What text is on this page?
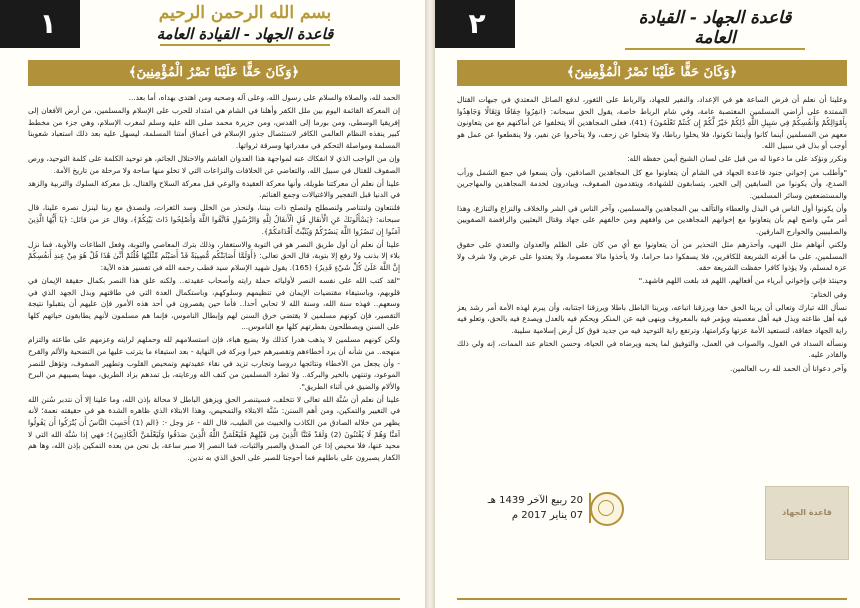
١	بسم الله الرحمن الرحيم
قاعدة الجهاد - القيادة العامة
﴿وَكَانَ حَقًّا عَلَيْنَا نَصْرُ الْمُؤْمِنِينَ﴾

الحمد لله، والصلاة والسلام على رسول الله، وعلى آله وصحبه ومن اهتدى بهداه، أما بعد...

إن المعركة القائمة اليوم بين ملل الكفر وأهلنا في الشام هي امتداد للحرب على الإسلام والمسلمين، من أرض الأفغان إلى إفريقيا الوسطى، ومن بورما إلى القدس، ومن جزيرة محمد صلى الله عليه وسلم لمغرب الإسلام، وهي جزء من مخطط كبير ينفذه النظام العالمي الكافر لاستئصال جذور الإسلام في أعماق أمتنا المسلمة، ليسهل عليه بعد ذلك استعباد شعوبنا المسلمة ومواصلة التحكم في مقدراتها وسرقة ثرواتها.

وإن من الواجب الذي لا انفكاك عنه لمواجهة هذا العدوان الغاشم والاحتلال الجاثم، هو توحيد الكلمة على كلمة التوحيد، ورص الصفوف للقتال في سبيل الله، والتعاضي عن الخلافات والنزاعات التي لا تخلو منها ساحة ولا مرحلة من تاريخ الأمة.

علينا أن نعلم أن معركتنا طويلة، وأنها معركة العقيدة والوعي قبل معركة السلاح والقتال، بل معركة السلوك والتربية والزهد في الدنيا قبل التفجير والاغتيالات وجمع الغنائم.

فلنتعاون ولنتناصر ولنصطلح ولنصلح ذات بيننا، ولنحذر من الخلل وسد الثغرات، ولنصدق مع ربنا لينزل نصره علينا، قال سبحانه: ﴿يَسْأَلُونَكَ عَنِ الْأَنفَالِ قُلِ الْأَنفَالُ لِلَّهِ وَالرَّسُولِ فَاتَّقُوا اللَّهَ وَأَصْلِحُوا ذَاتَ بَيْنِكُمْ﴾، وقال عز من قائل: ﴿يَا أَيُّهَا الَّذِينَ آمَنُوا إِن تَنصُرُوا اللَّهَ يَنصُرْكُمْ وَيُثَبِّتْ أَقْدَامَكُمْ﴾.

علينا أن نعلم أن أول طريق النصر هو في التوبة والاستغفار، وذلك بترك المعاصي والتوبة، وفعل الطاعات والأوبة، فما نزل بلاء إلا بذنب ولا رفع إلا بتوبة، قال الحق تعالى: ﴿أَوَلَمَّا أَصَابَتْكُم مُّصِيبَةٌ قَدْ أَصَبْتُم مِّثْلَيْهَا قُلْتُمْ أَنَّىٰ هَٰذَا قُلْ هُوَ مِنْ عِندِ أَنفُسِكُمْ إِنَّ اللَّهَ عَلَىٰ كُلِّ شَيْءٍ قَدِيرٌ﴾ (165). يقول شهيد الإسلام سيد قطب رحمه الله في تفسير هذه الآية:

"لقد كتب الله على نفسه النصر لأوليائه حملة رايته وأصحاب عقيدته.. ولكنه علق هذا النصر بكمال حقيقة الإيمان في قلوبهم، وباستيفاء مقتضيات الإيمان في تنظيمهم وسلوكهم، وباستكمال العدة التي في طاقتهم وبذل الجهد الذي في وسعهم.. فهذه سنة الله، وسنة الله لا تحابي أحدا.. فأما حين يقصرون في أحد هذه الأمور فإن عليهم أن يتقبلوا نتيجة التقصير، فإن كونهم مسلمين لا يقتضي خرق السنن لهم وإبطال الناموس، فإنما هم مسلمون لأنهم يطابقون حياتهم كلها على السنن ويصطلحون بفطرتهم كلها مع الناموس...

ولكن كونهم مسلمين لا يذهب هدرا كذلك ولا يضيع هباء، فإن استسلامهم لله وحملهم لرايته وعزمهم على طاعته والتزام منهجه.. من شأنه أن يرد أخطاءهم وتقصيرهم خيرا وبركة في النهاية - بعد استيفاء ما يترتب عليها من التضحية والألم والقرح - وأن يجعل من الأخطاء ونتائجها دروسا وتجارب تزيد في نقاء عقيدتهم وتمحيص القلوب وتطهير الصفوف، وتؤهل للنصر الموعود، وتنتهي بالخير والبركة.. ولا تطرد المسلمين من كنف الله ورعايته، بل تمدهم بزاد الطريق، مهما يصيبهم من البرح والألام والضيق في أثناء الطريق".

علينا أن نعلم أن سُنَّة الله تعالى لا تتخلف، فسيتنصر الحق ويزهق الباطل لا محالة بإذن الله، وما علينا إلا أن نتدبر سُنن الله في التغيير والتمكين، ومن أهم السنن: سُنَّة الابتلاء والتمحيص، وهذا الابتلاء الذي ظاهره الشدة هو في حقيقته نعمة؛ لأنه يظهر من خلاله الصادق من الكاذب والخبيث من الطيب، قال الله - عز وجل -: ﴿الم (1) أَحَسِبَ النَّاسُ أَن يُتْرَكُوا أَن يَقُولُوا آمَنَّا وَهُمْ لَا يُفْتَنُونَ (2) وَلَقَدْ فَتَنَّا الَّذِينَ مِن قَبْلِهِمْ فَلَيَعْلَمَنَّ اللَّهُ الَّذِينَ صَدَقُوا وَلَيَعْلَمَنَّ الْكَاذِبِينَ﴾؛ فهي إذا سُنَّة الله التي لا محيد عنها، فلا محيص إذا عن الصدق والصبر والثبات، فما النصر إلا صبر ساعة، بل نحن من بعده التمكين بإذن الله، وها هم الكفار يصبرون على باطلهم فما أحوجنا للصبر على الحق الذي به ندين.

٢	قاعدة الجهاد - القيادة العامة
﴿وَكَانَ حَقًّا عَلَيْنَا نَصْرُ الْمُؤْمِنِينَ﴾

وعلينا أن نعلم أن فرض الساعة هو في الإعداد، والنفير للجهاد، والرباط على الثغور، لدفع الصائل المعتدي في جبهات القتال الممتدة على أراضي المسلمين المغتصبة عامة، وفي شام الرباط خاصة، يقول الحق سبحانه: ﴿انفِرُوا خِفَافًا وَثِقَالًا وَجَاهِدُوا بِأَمْوَالِكُمْ وَأَنفُسِكُمْ فِي سَبِيلِ اللَّهِ ذَٰلِكُمْ خَيْرٌ لَّكُمْ إِن كُنتُمْ تَعْلَمُونَ﴾ (41)، فعلى المجاهدين ألا يتخلفوا عن أماكنهم مع من يتعاونون معهم من المسلمين أينما كانوا وأينما تكونوا، فلا يخلوا رباطا، ولا يتخلوا عن زحف، ولا يتأخروا عن نفير، ولا ينقطعوا عن عمل هو أوجب أو بذل في سبيل الله.

ونكرر ونؤكد على ما دعونا له من قبل على لسان الشيخ أيمن حفظه الله:

"وأطلب من إخواني جنود قاعدة الجهاد في الشام أن يتعاونوا مع كل المجاهدين الصادقين، وأن يسعوا في جمع الشمل ورأب الصدع، وأن يكونوا من السابقين إلى الخير، يتسابقون للشهادة، ويتقدمون الصفوف، ويبادرون لخدمة المجاهدين والمهاجرين والمستضعفين وسائر المسلمين.

وأن يكونوا أول الناس في البذل والعطاء والتآلف بين المجاهدين والمسلمين، وآخر الناس في الشر والخلاف والنزاع والتنازع، وهذا أمر منّي واضح لهم بأن يتعاونوا مع إخوانهم المجاهدين من وافقهم ومن خالفهم على جهاد وقتال البعثيين والرافضة الصفويين والصليبيين والخوارج المارقين.

ولكني أنهاهم مثل النهي، وأحذرهم مثل التحذير من أن يتعاونوا مع أي من كان على الظلم والعدوان والتعدي على حقوق المسلمين، على ما أقرته الشريعة للكافرين، فلا يسفكوا دما حراما، ولا يأخذوا مالا معصوما، ولا يعتدوا على عرض ولا شرف ولا عزة لمسلم، ولا يؤذوا كافرا حفظت الشريعة حقه.

وحينئذ فإني وإخواني أبرياء من أفعالهم، اللهم قد بلغت اللهم فاشهد."

وفي الختام:

نسأل الله تبارك وتعالى أن يرينا الحق حقا ويرزقنا اتباعه، ويرينا الباطل باطلا ويرزقنا اجتنابه، وأن يبرم لهذه الأمة أمر رشد يعز فيه أهل طاعته ويذل فيه أهل معصيته ويؤمر فيه بالمعروف وينهى فيه عن المنكر ويحكم فيه بالعدل ويصدع فيه بالحق، وتعلو فيه راية الجهاد خفاقة، لتستعيد الأمة عزتها وكرامتها، وترتفع راية التوحيد فيه من جديد فوق كل أرض إسلامية سليبة.

ونسأله السداد في القول، والصواب في العمل، والتوفيق لما يحبه ويرضاه في الحياة، وحسن الختام عند الممات، إنه ولي ذلك والقادر عليه.

وآخر دعوانا أن الحمد لله رب العالمين.

20 ربيع الآخر 1439 هـ
07 يناير 2017 م	قاعدة الجهاد
